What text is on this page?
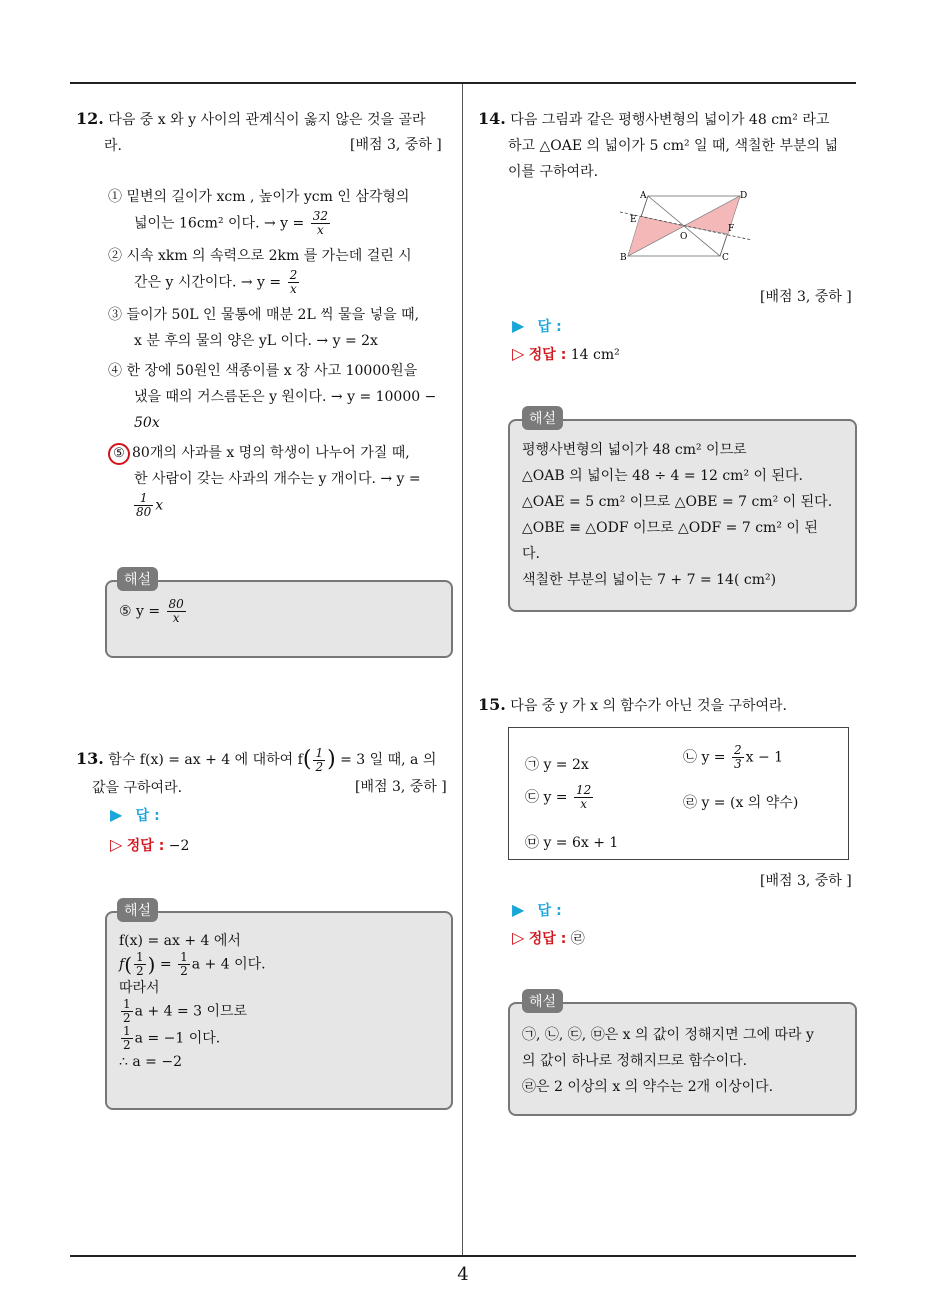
4
12. 다음 중 x 와 y 사이의 관계식이 옳지 않은 것을 골라
라.	[배점 3, 중하 ]
① 밑변의 길이가 xcm , 높이가 ycm 인 삼각형의
넓이는 16cm² 이다. → $y = \frac{32}{x}$
② 시속 xkm 의 속력으로 2km 를 가는데 걸린 시
간은 y 시간이다. → $y = \frac{2}{x}$
③ 들이가 50L 인 물통에 매분 2L 씩 물을 넣을 때,
x 분 후의 물의 양은 yL 이다. → y = 2x
④ 한 장에 50원인 색종이를 x 장 사고 10000원을
냈을 때의 거스름돈은 y 원이다. → y = 10000 −
50x
⑤ 80개의 사과를 x 명의 학생이 나누어 가질 때,
한 사람이 갖는 사과의 개수는 y 개이다. → y =
$\frac{1}{80}$ x
⑤ $y = \frac{80}{x}$
해설
13. 함수 f(x) = ax + 4 에 대하여 $f( \frac{1}{2}$ ) = 3 일 때, a 의
값을 구하여라.	[배점 3, 중하 ]
▶ 답 :
▷ 정답 : −2
f(x) = ax + 4 에서
$f( \frac{1}{2}$ ) = $\frac{1}{2}$ a + 4 이다.
따라서
$\frac{1}{2}$ a + 4 = 3 이므로
$\frac{1}{2}$ a = −1 이다.
∴ a = −2
해설
14. 다음 그림과 같은 평행사변형의 넓이가 48 cm² 라고
하고 △OAE 의 넓이가 5 cm² 일 때, 색칠한 부분의 넓
이를 구하여라.
A	D
E
O
F
B	C
[배점 3, 중하 ]
▶ 답 :
▷ 정답 : 14 cm²
평행사변형의 넓이가 48 cm² 이므로
△OAB 의 넓이는 48 ÷ 4 = 12 cm² 이 된다.
△OAE = 5 cm² 이므로 △OBE = 7 cm² 이 된다.
△OBE ≡ △ODF 이므로 △ODF = 7 cm² 이 된
다.
색칠한 부분의 넓이는 7 + 7 = 14( cm²)
해설
15. 다음 중 y 가 x 의 함수가 아닌 것을 구하여라.
㉠ y = 2x	㉡ $y = \frac{2}{3}$ x − 1
㉢ $y = \frac{12}{x}$	㉣ y = (x 의 약수)
㉤ y = 6x + 1
[배점 3, 중하 ]
▶ 답 :
▷ 정답 : ㉣
㉠, ㉡, ㉢, ㉤은 x 의 값이 정해지면 그에 따라 y
의 값이 하나로 정해지므로 함수이다.
㉣은 2 이상의 x 의 약수는 2개 이상이다.
해설
